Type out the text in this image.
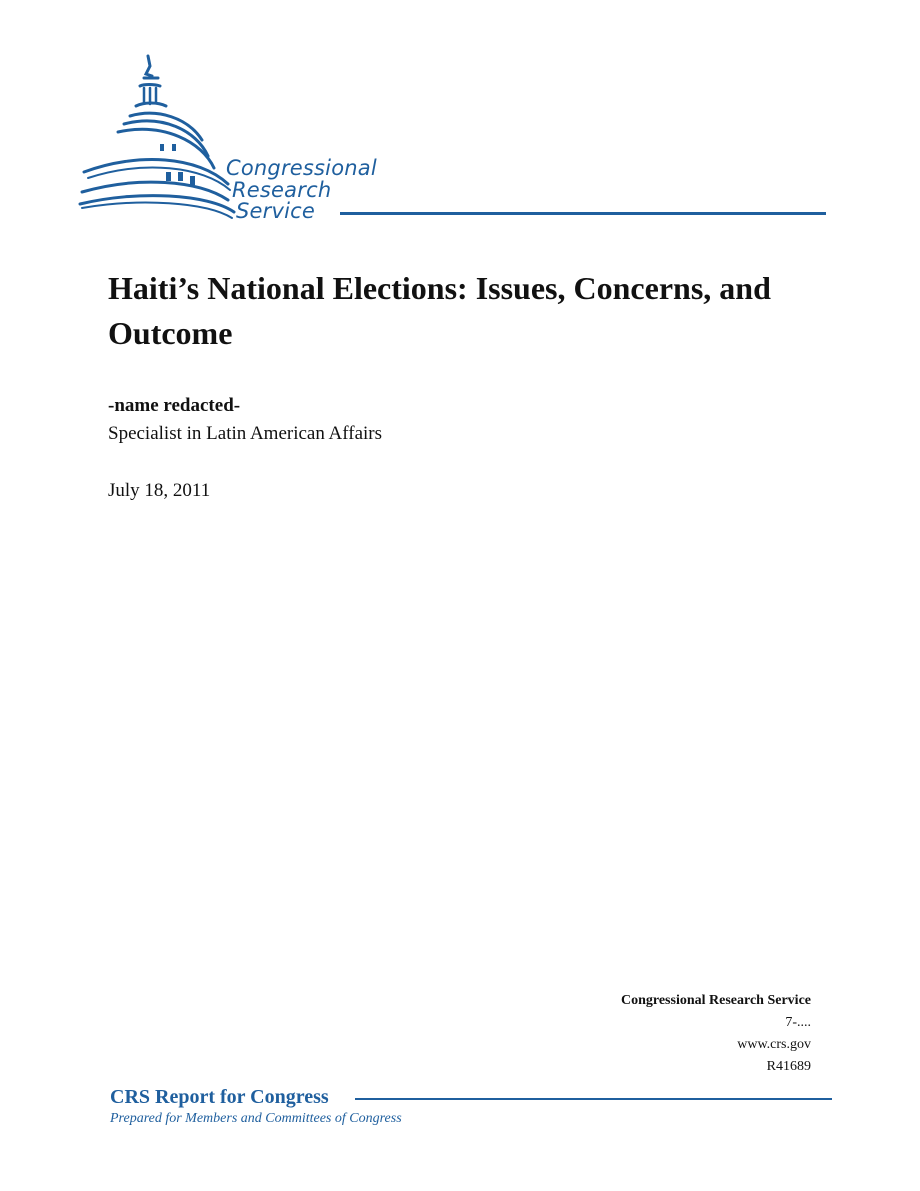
Congressional
Research
Service
Haiti’s National Elections: Issues, Concerns, and Outcome
-name redacted-
Specialist in Latin American Affairs
July 18, 2011
Congressional Research Service
7-....
www.crs.gov
R41689
CRS Report for Congress
Prepared for Members and Committees of Congress
